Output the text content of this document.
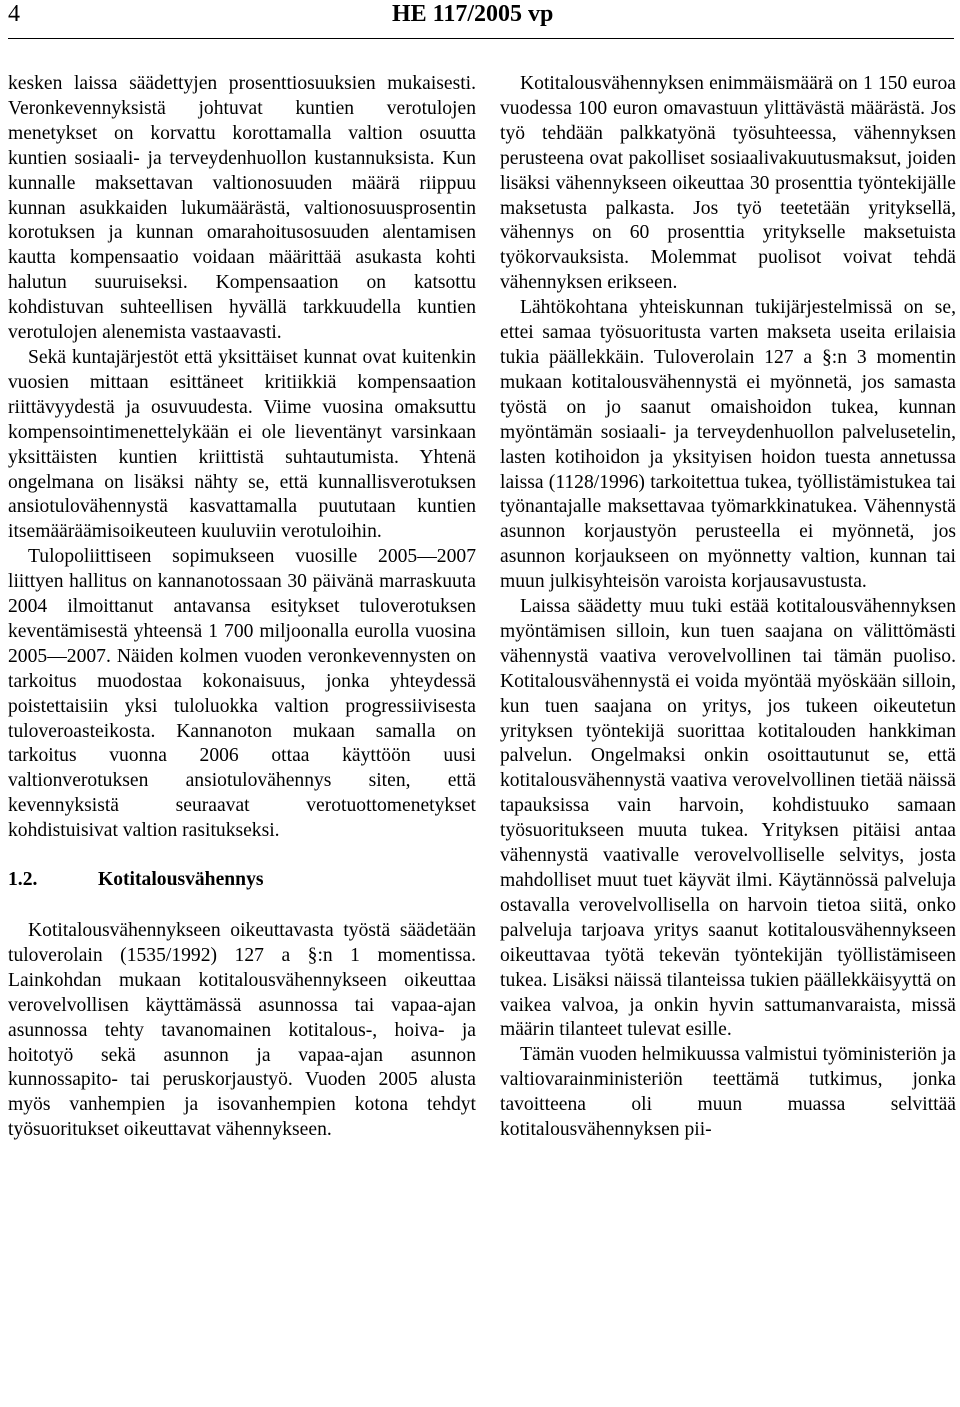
4	HE 117/2005 vp

kesken laissa säädettyjen prosenttiosuuksien mukaisesti. Veronkevennyksistä johtuvat kuntien verotulojen menetykset on korvattu korottamalla valtion osuutta kuntien sosiaali- ja terveydenhuollon kustannuksista. Kun kunnalle maksettavan valtionosuuden määrä riippuu kunnan asukkaiden lukumäärästä, valtionosuusprosentin korotuksen ja kunnan omarahoitusosuuden alentamisen kautta kompensaatio voidaan määrittää asukasta kohti halutun suuruiseksi. Kompensaation on katsottu kohdistuvan suhteellisen hyvällä tarkkuudella kuntien verotulojen alenemista vastaavasti.

Sekä kuntajärjestöt että yksittäiset kunnat ovat kuitenkin vuosien mittaan esittäneet kritiikkiä kompensaation riittävyydestä ja osuvuudesta. Viime vuosina omaksuttu kompensointimenettelykään ei ole lieventänyt varsinkaan yksittäisten kuntien kriittistä suhtautumista. Yhtenä ongelmana on lisäksi nähty se, että kunnallisverotuksen ansiotulovähennystä kasvattamalla puututaan kuntien itsemääräämisoikeuteen kuuluviin verotuloihin.

Tulopoliittiseen sopimukseen vuosille 2005—2007 liittyen hallitus on kannanotossaan 30 päivänä marraskuuta 2004 ilmoittanut antavansa esitykset tuloverotuksen keventämisestä yhteensä 1 700 miljoonalla eurolla vuosina 2005—2007. Näiden kolmen vuoden veronkevennysten on tarkoitus muodostaa kokonaisuus, jonka yhteydessä poistettaisiin yksi tuloluokka valtion progressiivisesta tuloveroasteikosta. Kannanoton mukaan samalla on tarkoitus vuonna 2006 ottaa käyttöön uusi valtionverotuksen ansiotulovähennys siten, että kevennyksistä seuraavat verotuottomenetykset kohdistuisivat valtion rasitukseksi.

1.2.	Kotitalousvähennys

Kotitalousvähennykseen oikeuttavasta työstä säädetään tuloverolain (1535/1992) 127 a §:n 1 momentissa. Lainkohdan mukaan kotitalousvähennykseen oikeuttaa verovelvollisen käyttämässä asunnossa tai vapaa-ajan asunnossa tehty tavanomainen kotitalous-, hoiva- ja hoitotyö sekä asunnon ja vapaa-ajan asunnon kunnossapito- tai peruskorjaustyö. Vuoden 2005 alusta myös vanhempien ja isovanhempien kotona tehdyt työsuoritukset oikeuttavat vähennykseen.

Kotitalousvähennyksen enimmäismäärä on 1 150 euroa vuodessa 100 euron omavastuun ylittävästä määrästä. Jos työ tehdään palkkatyönä työsuhteessa, vähennyksen perusteena ovat pakolliset sosiaalivakuutusmaksut, joiden lisäksi vähennykseen oikeuttaa 30 prosenttia työntekijälle maksetusta palkasta. Jos työ teetetään yrityksellä, vähennys on 60 prosenttia yritykselle maksetuista työkorvauksista. Molemmat puolisot voivat tehdä vähennyksen erikseen.

Lähtökohtana yhteiskunnan tukijärjestelmissä on se, ettei samaa työsuoritusta varten makseta useita erilaisia tukia päällekkäin. Tuloverolain 127 a §:n 3 momentin mukaan kotitalousvähennystä ei myönnetä, jos samasta työstä on jo saanut omaishoidon tukea, kunnan myöntämän sosiaali- ja terveydenhuollon palvelusetelin, lasten kotihoidon ja yksityisen hoidon tuesta annetussa laissa (1128/1996) tarkoitettua tukea, työllistämistukea tai työnantajalle maksettavaa työmarkkinatukea. Vähennystä asunnon korjaustyön perusteella ei myönnetä, jos asunnon korjaukseen on myönnetty valtion, kunnan tai muun julkisyhteisön varoista korjausavustusta.

Laissa säädetty muu tuki estää kotitalousvähennyksen myöntämisen silloin, kun tuen saajana on välittömästi vähennystä vaativa verovelvollinen tai tämän puoliso. Kotitalousvähennystä ei voida myöntää myöskään silloin, kun tuen saajana on yritys, jos tukeen oikeutetun yrityksen työntekijä suorittaa kotitalouden hankkiman palvelun. Ongelmaksi onkin osoittautunut se, että kotitalousvähennystä vaativa verovelvollinen tietää näissä tapauksissa vain harvoin, kohdistuuko samaan työsuoritukseen muuta tukea. Yrityksen pitäisi antaa vähennystä vaativalle verovelvolliselle selvitys, josta mahdolliset muut tuet käyvät ilmi. Käytännössä palveluja ostavalla verovelvollisella on harvoin tietoa siitä, onko palveluja tarjoava yritys saanut kotitalousvähennykseen oikeuttavaa työtä tekevän työntekijän työllistämiseen tukea. Lisäksi näissä tilanteissa tukien päällekkäisyyttä on vaikea valvoa, ja onkin hyvin sattumanvaraista, missä määrin tilanteet tulevat esille.

Tämän vuoden helmikuussa valmistui työministeriön ja valtiovarainministeriön teettämä tutkimus, jonka tavoitteena oli muun muassa selvittää kotitalousvähennyksen pii-
